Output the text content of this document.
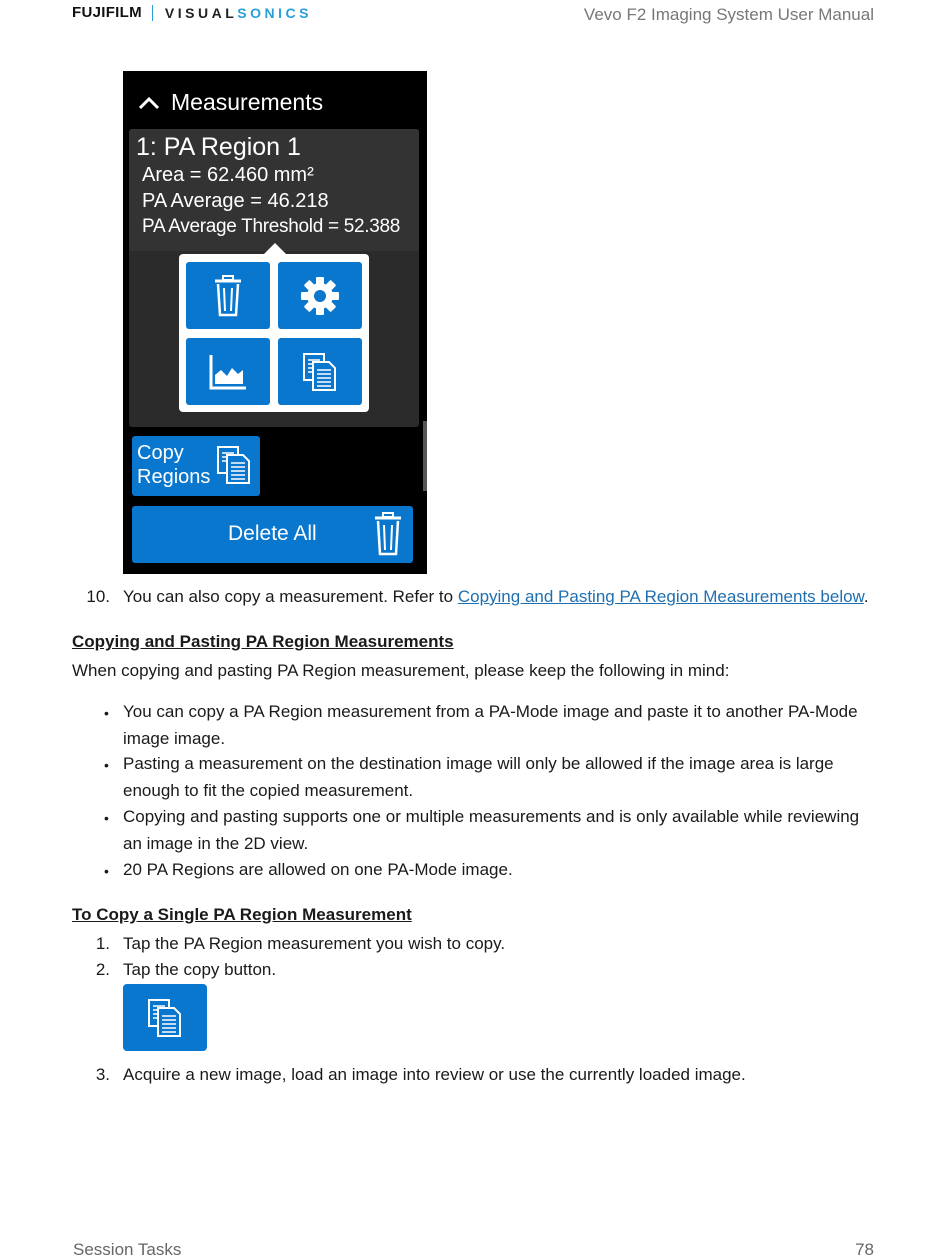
FUJIFILM VISUALSONICS	Vevo F2 Imaging System User Manual
Measurements
1: PA Region 1
Area = 62.460 mm²
PA Average = 46.218
PA Average Threshold = 52.388
Copy
Regions
Delete All
10. You can also copy a measurement. Refer to Copying and Pasting PA Region Measurements below.
Copying and Pasting PA Region Measurements
When copying and pasting PA Region measurement, please keep the following in mind:
• You can copy a PA Region measurement from a PA-Mode image and paste it to another PA-Mode
image image.
• Pasting a measurement on the destination image will only be allowed if the image area is large
enough to fit the copied measurement.
• Copying and pasting supports one or multiple measurements and is only available while reviewing
an image in the 2D view.
• 20 PA Regions are allowed on one PA-Mode image.
To Copy a Single PA Region Measurement
1. Tap the PA Region measurement you wish to copy.
2. Tap the copy button.
3. Acquire a new image, load an image into review or use the currently loaded image.
Session Tasks	78
